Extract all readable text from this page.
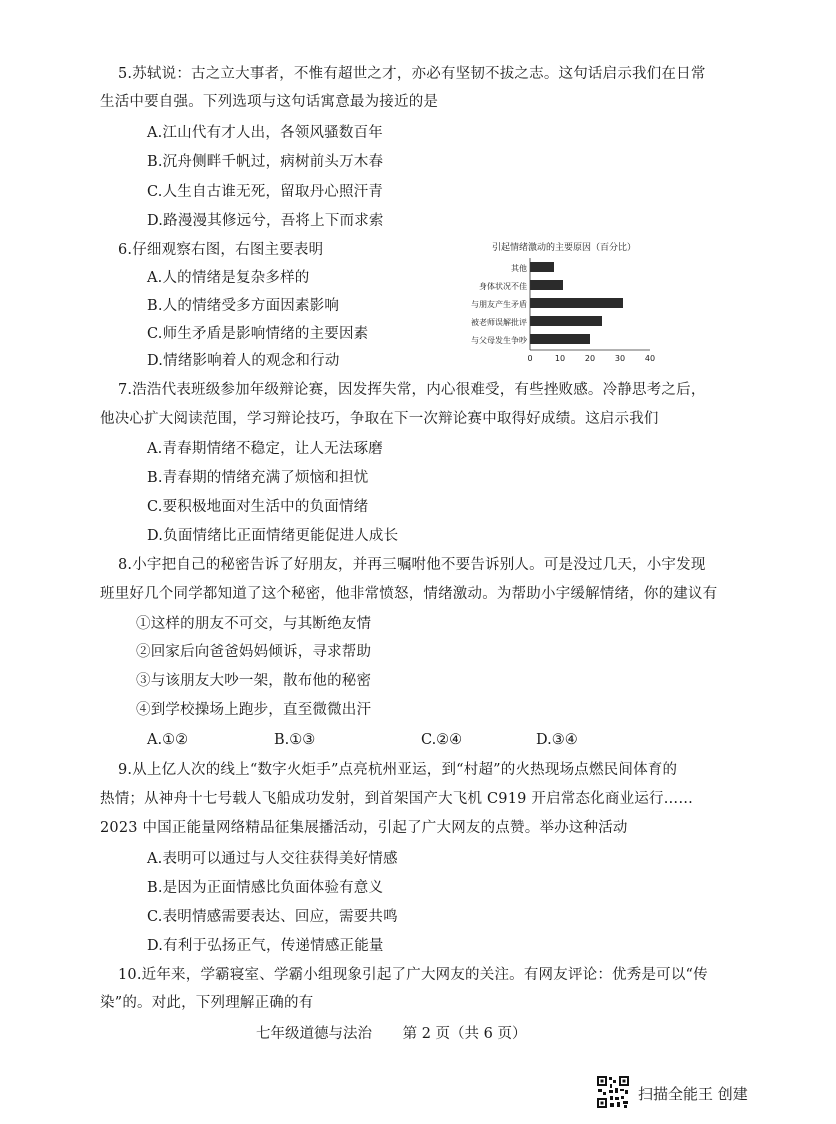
5.苏轼说：古之立大事者，不惟有超世之才，亦必有坚韧不拔之志。这句话启示我们在日常
生活中要自强。下列选项与这句话寓意最为接近的是
A.江山代有才人出，各领风骚数百年
B.沉舟侧畔千帆过，病树前头万木春
C.人生自古谁无死，留取丹心照汗青
D.路漫漫其修远兮，吾将上下而求索
6.仔细观察右图，右图主要表明
A.人的情绪是复杂多样的
B.人的情绪受多方面因素影响
C.师生矛盾是影响情绪的主要因素
D.情绪影响着人的观念和行动
引起情绪激动的主要原因（百分比）
其他
身体状况不佳
与朋友产生矛盾
被老师误解批评
与父母发生争吵
0	10 20 30 40
7.浩浩代表班级参加年级辩论赛，因发挥失常，内心很难受，有些挫败感。冷静思考之后，
他决心扩大阅读范围，学习辩论技巧，争取在下一次辩论赛中取得好成绩。这启示我们
A.青春期情绪不稳定，让人无法琢磨
B.青春期的情绪充满了烦恼和担忧
C.要积极地面对生活中的负面情绪
D.负面情绪比正面情绪更能促进人成长
8.小宇把自己的秘密告诉了好朋友，并再三嘱咐他不要告诉别人。可是没过几天，小宇发现
班里好几个同学都知道了这个秘密，他非常愤怒，情绪激动。为帮助小宇缓解情绪，你的建议有
①这样的朋友不可交，与其断绝友情
②回家后向爸爸妈妈倾诉，寻求帮助
③与该朋友大吵一架，散布他的秘密
④到学校操场上跑步，直至微微出汗
A.①②	B.①③	C.②④	D.③④
9.从上亿人次的线上“数字火炬手”点亮杭州亚运，到“村超”的火热现场点燃民间体育的
热情；从神舟十七号载人飞船成功发射，到首架国产大飞机 C919 开启常态化商业运行……
2023 中国正能量网络精品征集展播活动，引起了广大网友的点赞。举办这种活动
A.表明可以通过与人交往获得美好情感
B.是因为正面情感比负面体验有意义
C.表明情感需要表达、回应，需要共鸣
D.有利于弘扬正气，传递情感正能量
10.近年来，学霸寝室、学霸小组现象引起了广大网友的关注。有网友评论：优秀是可以“传
染”的。对此，下列理解正确的有
七年级道德与法治 第 2 页（共 6 页）
扫描全能王 创建
